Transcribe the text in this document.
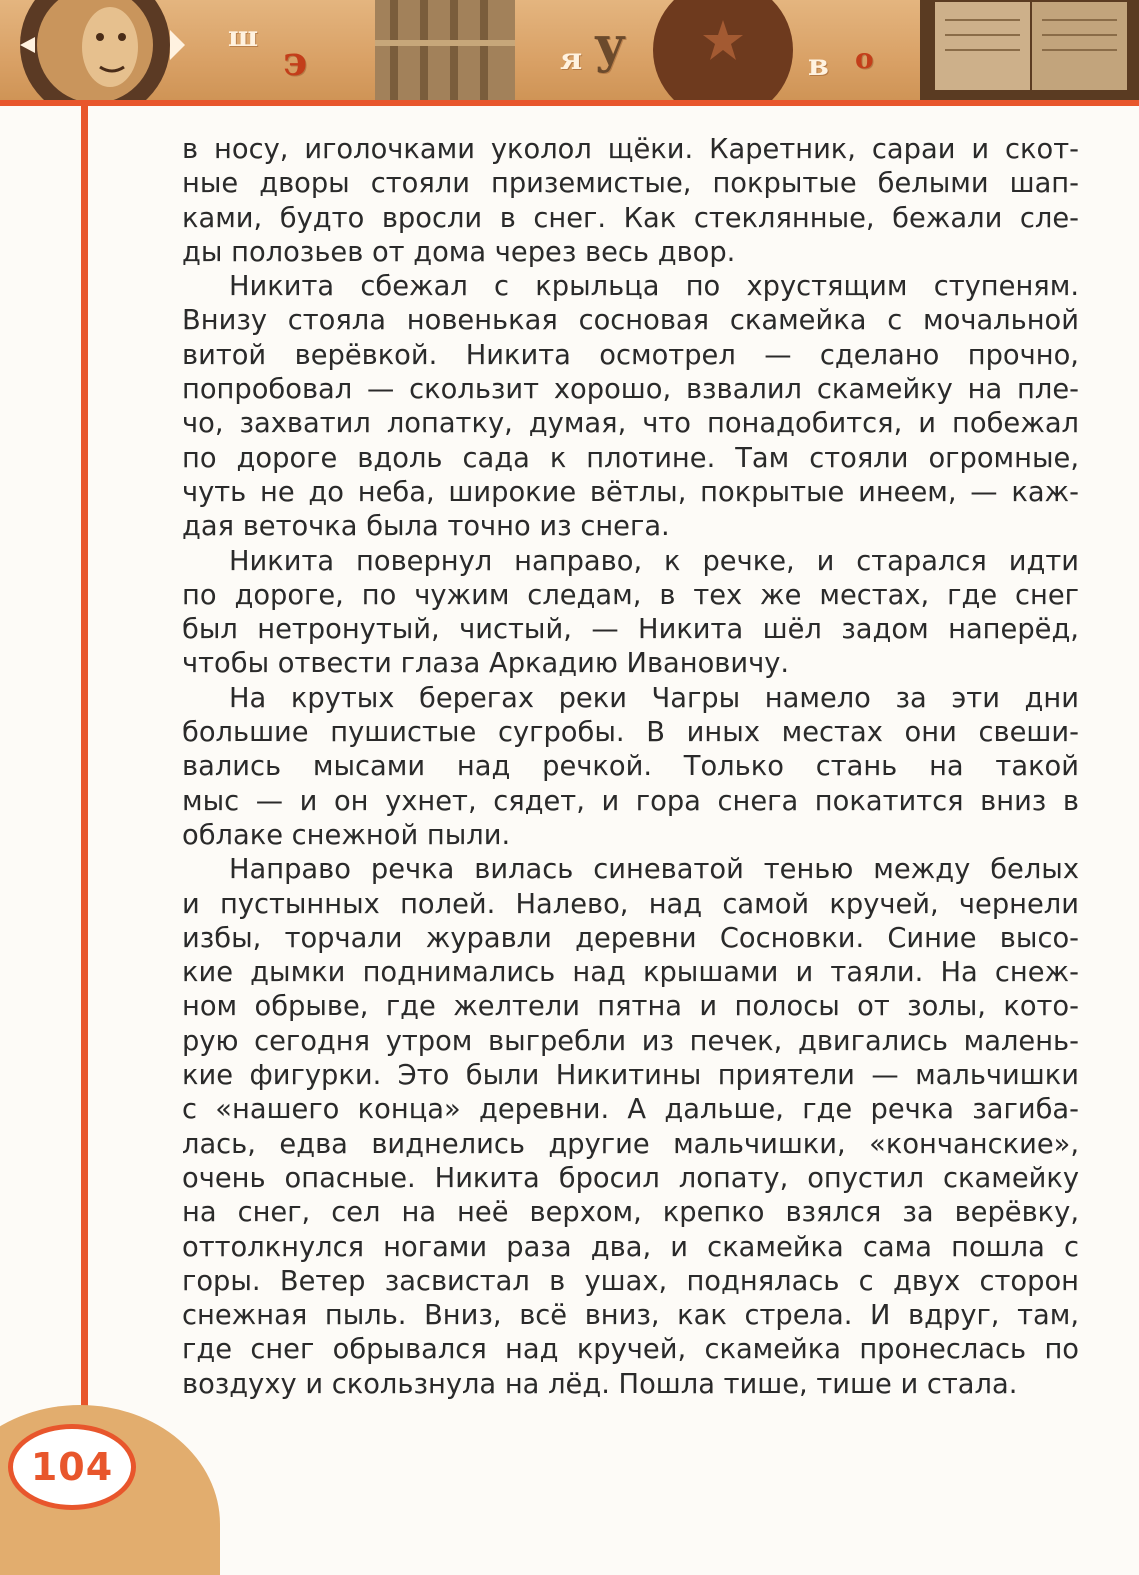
ш
э	я у	в о
в носу, иголочками уколол щёки. Каретник, сараи и скот-
ные дворы стояли приземистые, покрытые белыми шап-
ками, будто вросли в снег. Как стеклянные, бежали сле-
ды полозьев от дома через весь двор.
Никита сбежал с крыльца по хрустящим ступеням.
Внизу стояла новенькая сосновая скамейка с мочальной
витой верёвкой. Никита осмотрел — сделано прочно,
попробовал — скользит хорошо, взвалил скамейку на пле-
чо, захватил лопатку, думая, что понадобится, и побежал
по дороге вдоль сада к плотине. Там стояли огромные,
чуть не до неба, широкие вётлы, покрытые инеем, — каж-
дая веточка была точно из снега.
Никита повернул направо, к речке, и старался идти
по дороге, по чужим следам, в тех же местах, где снег
был нетронутый, чистый, — Никита шёл задом наперёд,
чтобы отвести глаза Аркадию Ивановичу.
На крутых берегах реки Чагры намело за эти дни
большие пушистые сугробы. В иных местах они свеши-
вались мысами над речкой. Только стань на такой
мыс — и он ухнет, сядет, и гора снега покатится вниз в
облаке снежной пыли.
Направо речка вилась синеватой тенью между белых
и пустынных полей. Налево, над самой кручей, чернели
избы, торчали журавли деревни Сосновки. Синие высо-
кие дымки поднимались над крышами и таяли. На снеж-
ном обрыве, где желтели пятна и полосы от золы, кото-
рую сегодня утром выгребли из печек, двигались малень-
кие фигурки. Это были Никитины приятели — мальчишки
с «нашего конца» деревни. А дальше, где речка загиба-
лась, едва виднелись другие мальчишки, «кончанские»,
очень опасные. Никита бросил лопату, опустил скамейку
на снег, сел на неё верхом, крепко взялся за верёвку,
оттолкнулся ногами раза два, и скамейка сама пошла с
горы. Ветер засвистал в ушах, поднялась с двух сторон
снежная пыль. Вниз, всё вниз, как стрела. И вдруг, там,
где снег обрывался над кручей, скамейка пронеслась по
воздуху и скользнула на лёд. Пошла тише, тише и стала.
104
